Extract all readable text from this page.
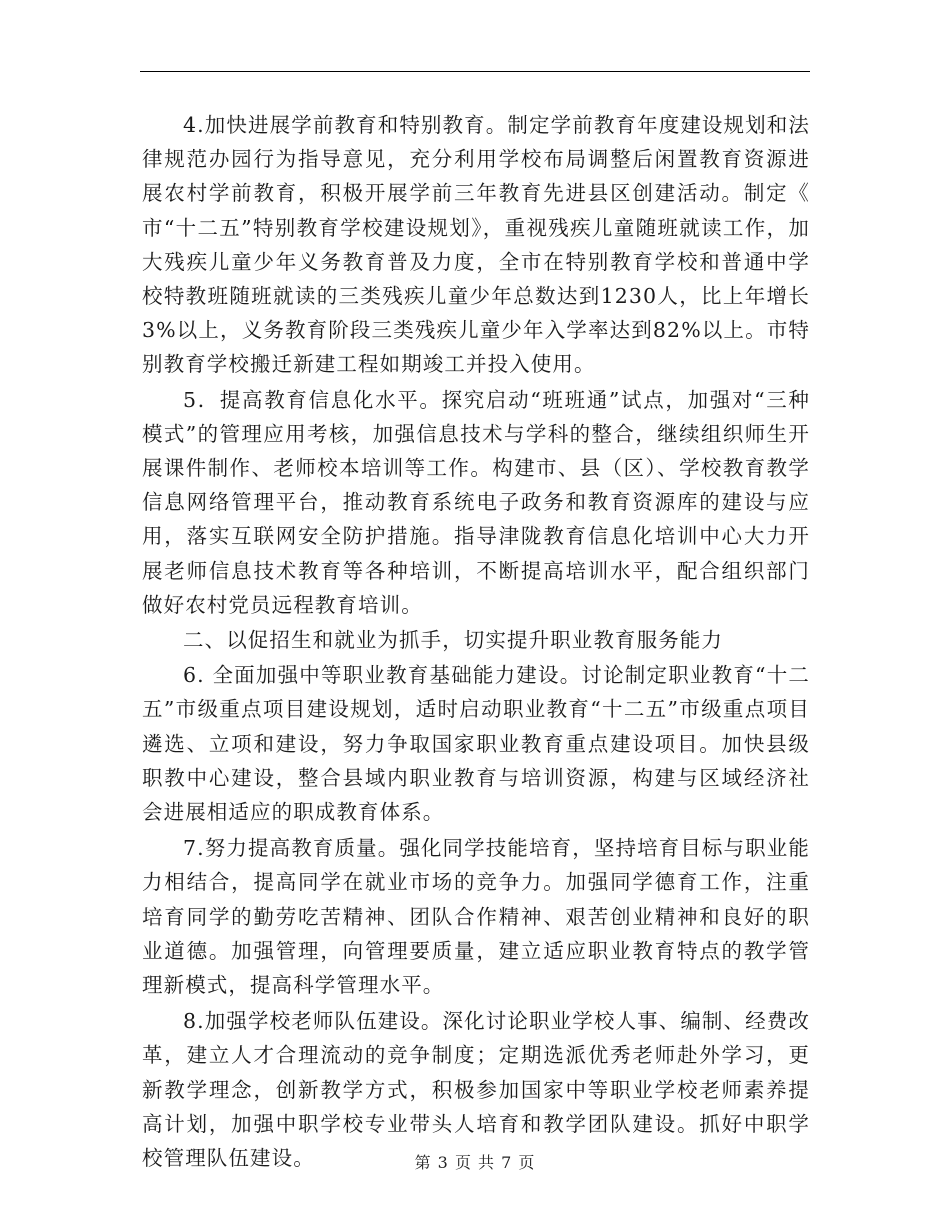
4.加快进展学前教育和特别教育。制定学前教育年度建设规划和法律规范办园行为指导意见，充分利用学校布局调整后闲置教育资源进展农村学前教育，积极开展学前三年教育先进县区创建活动。制定《 市“十二五”特别教育学校建设规划》，重视残疾儿童随班就读工作，加大残疾儿童少年义务教育普及力度，全市在特别教育学校和普通中学校特教班随班就读的三类残疾儿童少年总数达到1230人，比上年增长3%以上，义务教育阶段三类残疾儿童少年入学率达到82%以上。市特别教育学校搬迁新建工程如期竣工并投入使用。

5．提高教育信息化水平。探究启动“班班通”试点，加强对“三种模式”的管理应用考核，加强信息技术与学科的整合，继续组织师生开展课件制作、老师校本培训等工作。构建市、县（区）、学校教育教学信息网络管理平台，推动教育系统电子政务和教育资源库的建设与应用，落实互联网安全防护措施。指导津陇教育信息化培训中心大力开展老师信息技术教育等各种培训，不断提高培训水平，配合组织部门做好农村党员远程教育培训。

二、以促招生和就业为抓手，切实提升职业教育服务能力

6. 全面加强中等职业教育基础能力建设。讨论制定职业教育“十二五”市级重点项目建设规划，适时启动职业教育“十二五”市级重点项目遴选、立项和建设，努力争取国家职业教育重点建设项目。加快县级职教中心建设，整合县域内职业教育与培训资源，构建与区域经济社会进展相适应的职成教育体系。

7.努力提高教育质量。强化同学技能培育，坚持培育目标与职业能力相结合，提高同学在就业市场的竞争力。加强同学德育工作，注重培育同学的勤劳吃苦精神、团队合作精神、艰苦创业精神和良好的职业道德。加强管理，向管理要质量，建立适应职业教育特点的教学管理新模式，提高科学管理水平。

8.加强学校老师队伍建设。深化讨论职业学校人事、编制、经费改革，建立人才合理流动的竞争制度；定期选派优秀老师赴外学习，更新教学理念，创新教学方式，积极参加国家中等职业学校老师素养提高计划，加强中职学校专业带头人培育和教学团队建设。抓好中职学校管理队伍建设。	第 3 页 共 7 页
